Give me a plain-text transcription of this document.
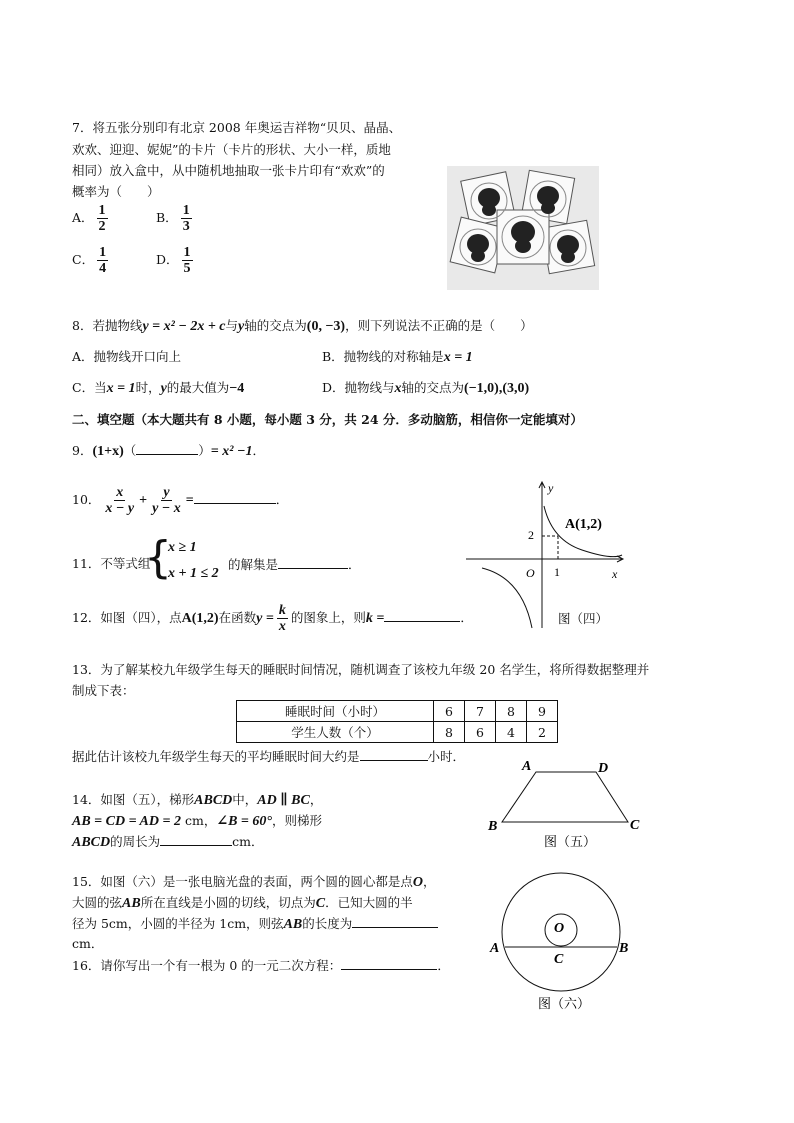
7．将五张分别印有北京 2008 年奥运吉祥物“贝贝、晶晶、
欢欢、迎迎、妮妮”的卡片（卡片的形状、大小一样，质地
相同）放入盒中，从中随机地抽取一张卡片印有“欢欢”的
概率为（　　）
A． $\frac{1}{2}$	B． $\frac{1}{3}$
C． $\frac{1}{4}$	D． $\frac{1}{5}$
8．若抛物线y = x² − 2x + c与y轴的交点为(0, −3)，则下列说法不正确的是（　　）
A．抛物线开口向上	B．抛物线的对称轴是x = 1
C．当x = 1时，y的最大值为−4	D．抛物线与x轴的交点为(−1,0),(3,0)
二、填空题（本大题共有 8 小题，每小题 3 分，共 24 分．多动脑筋，相信你一定能填对）
9．(1+x)（	）= x² −1．
10． $\frac{x}{x - y} + \frac{y}{y - x}$ =	．
11．不等式组
{
x ≥ 1
x + 1 ≤ 2
的解集是	．
12．如图（四），点A(1,2)在函数$y = \frac{k}{x}$ 的图象上，则k =	．
y
x
O 1
2
A(1,2)
图（四）
13．为了解某校九年级学生每天的睡眠时间情况，随机调查了该校九年级 20 名学生，将所得数据整理并
制成下表：
睡眠时间（小时）	6	7	8	9
学生人数（个）	8	6	4	2
据此估计该校九年级学生每天的平均睡眠时间大约是	小时．
14．如图（五），梯形ABCD中，AD ∥ BC，
AB = CD = AD = 2 cm，∠B = 60°，则梯形
ABCD的周长为	cm．
A	D
B	C
图（五）
15．如图（六）是一张电脑光盘的表面，两个圆的圆心都是点O，
大圆的弦AB所在直线是小圆的切线，切点为C．已知大圆的半
径为 5cm，小圆的半径为 1cm，则弦AB的长度为
cm．
16．请你写出一个有一根为 0 的一元二次方程：	．
O
A	B
C
图（六）
